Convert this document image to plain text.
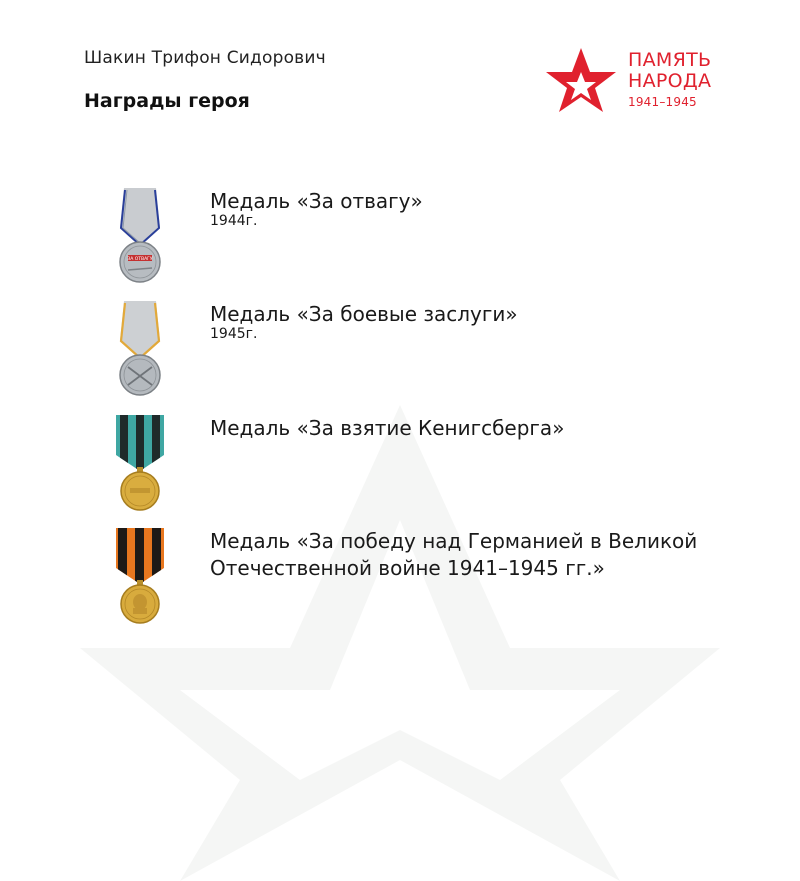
Шакин Трифон Сидорович
Награды героя
ПАМЯТЬ
НАРОДА
1941–1945
ЗА ОТВАГУ
Медаль «За отвагу»
1944г.
Медаль «За боевые заслуги»
1945г.
Медаль «За взятие Кенигсберга»
Медаль «За победу над Германией в Великой Отечественной войне 1941–1945 гг.»
